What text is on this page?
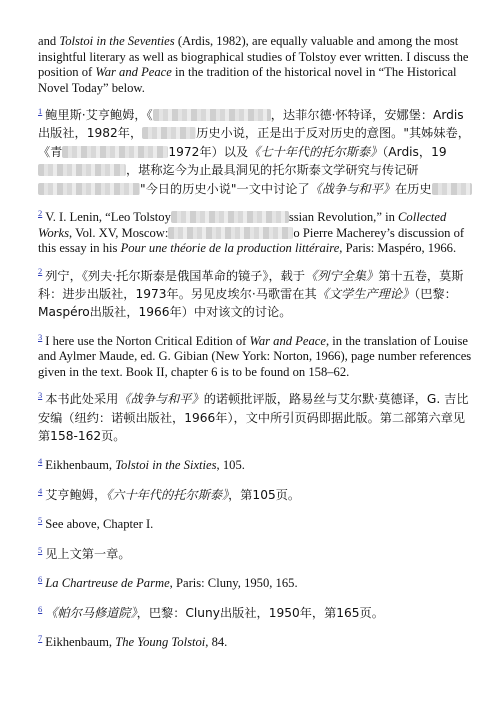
and Tolstoi in the Seventies (Ardis, 1982), are equally valuable and among the most insightful literary as well as biographical studies of Tolstoy ever written. I discuss the position of War and Peace in the tradition of the historical novel in “The Historical Novel Today” below.

$^1$ 鲍里斯·艾亨鲍姆，《	，达菲尔德·怀特译，安娜堡：Ardis出版社，1982年，	历史小说，正是出于反对历史的意图。"其姊妹卷，《青	1972年）以及《七十年代的托尔斯泰》（Ardis，19，堪称迄今为止最具洞见的托尔斯泰文学研究与传记研"今日的历史小说"一文中讨论了《战争与和平》在历史

$^2$ V. I. Lenin, “Leo Tolstoy	ssian Revolution,” in Collected Works, Vol. XV, Moscow:	o Pierre Macherey’s discussion of this essay in his Pour une théorie de la production littéraire, Paris: Maspéro, 1966.

$^2$ 列宁，《列夫·托尔斯泰是俄国革命的镜子》，载于《列宁全集》第十五卷，莫斯科：进步出版社，1973年。另见皮埃尔·马歌雷在其《文学生产理论》（巴黎：Maspéro出版社，1966年）中对该文的讨论。

$^3$ I here use the Norton Critical Edition of War and Peace, in the translation of Louise and Aylmer Maude, ed. G. Gibian (New York: Norton, 1966), page number references given in the text. Book II, chapter 6 is to be found on 158–62.

$^3$ 本书此处采用《战争与和平》的诺顿批评版，路易丝与艾尔默·莫德译，G. 吉比安编（纽约：诺顿出版社，1966年），文中所引页码即据此版。第二部第六章见第158-162页。

$^4$ Eikhenbaum, Tolstoi in the Sixties, 105.

$^4$ 艾亨鲍姆，《六十年代的托尔斯泰》，第105页。

$^5$ See above, Chapter I.

$^5$ 见上文第一章。

$^6$ La Chartreuse de Parme, Paris: Cluny, 1950, 165.

$^6$ 《帕尔马修道院》，巴黎：Cluny出版社，1950年，第165页。

$^7$ Eikhenbaum, The Young Tolstoi, 84.
